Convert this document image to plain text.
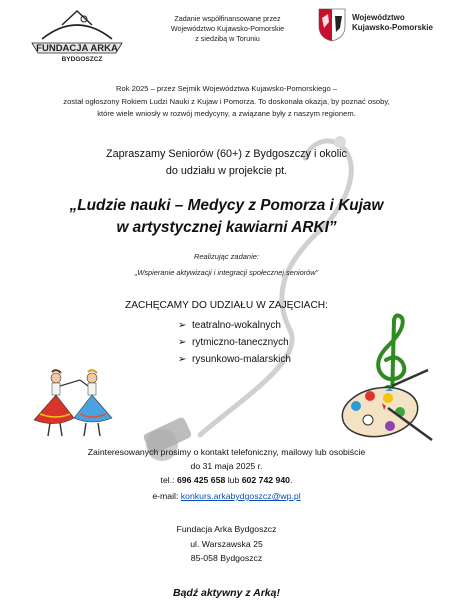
FUNDACJA ARKA
BYDGOSZCZ
Zadanie współfinansowane przez
Województwo Kujawsko-Pomorskie
z siedzibą w Toruniu
Województwo
Kujawsko-Pomorskie
Rok 2025 – przez Sejmik Województwa Kujawsko-Pomorskiego –
został ogłoszony Rokiem Ludzi Nauki z Kujaw i Pomorza. To doskonała okazja, by poznać osoby,
które wiele wniosły w rozwój medycyny, a związane były z naszym regionem.
Zapraszamy Seniorów (60+) z Bydgoszczy i okolic
do udziału w projekcie pt.
„Ludzie nauki – Medycy z Pomorza i Kujaw
w artystycznej kawiarni ARKI”
Realizując zadanie:
„Wspieranie aktywizacji i integracji społecznej seniorów”
ZACHĘCAMY DO UDZIAŁU W ZAJĘCIACH:
➢ teatralno-wokalnych
➢ rytmiczno-tanecznych
➢ rysunkowo-malarskich
Zainteresowanych prosimy o kontakt telefoniczny, mailowy lub osobiście
do 31 maja 2025 r.
tel.: 696 425 658 lub 602 742 940.
e-mail: konkurs.arkabydgoszcz@wp.pl
Fundacja Arka Bydgoszcz
ul. Warszawska 25
85-058 Bydgoszcz
Bądź aktywny z Arką!
